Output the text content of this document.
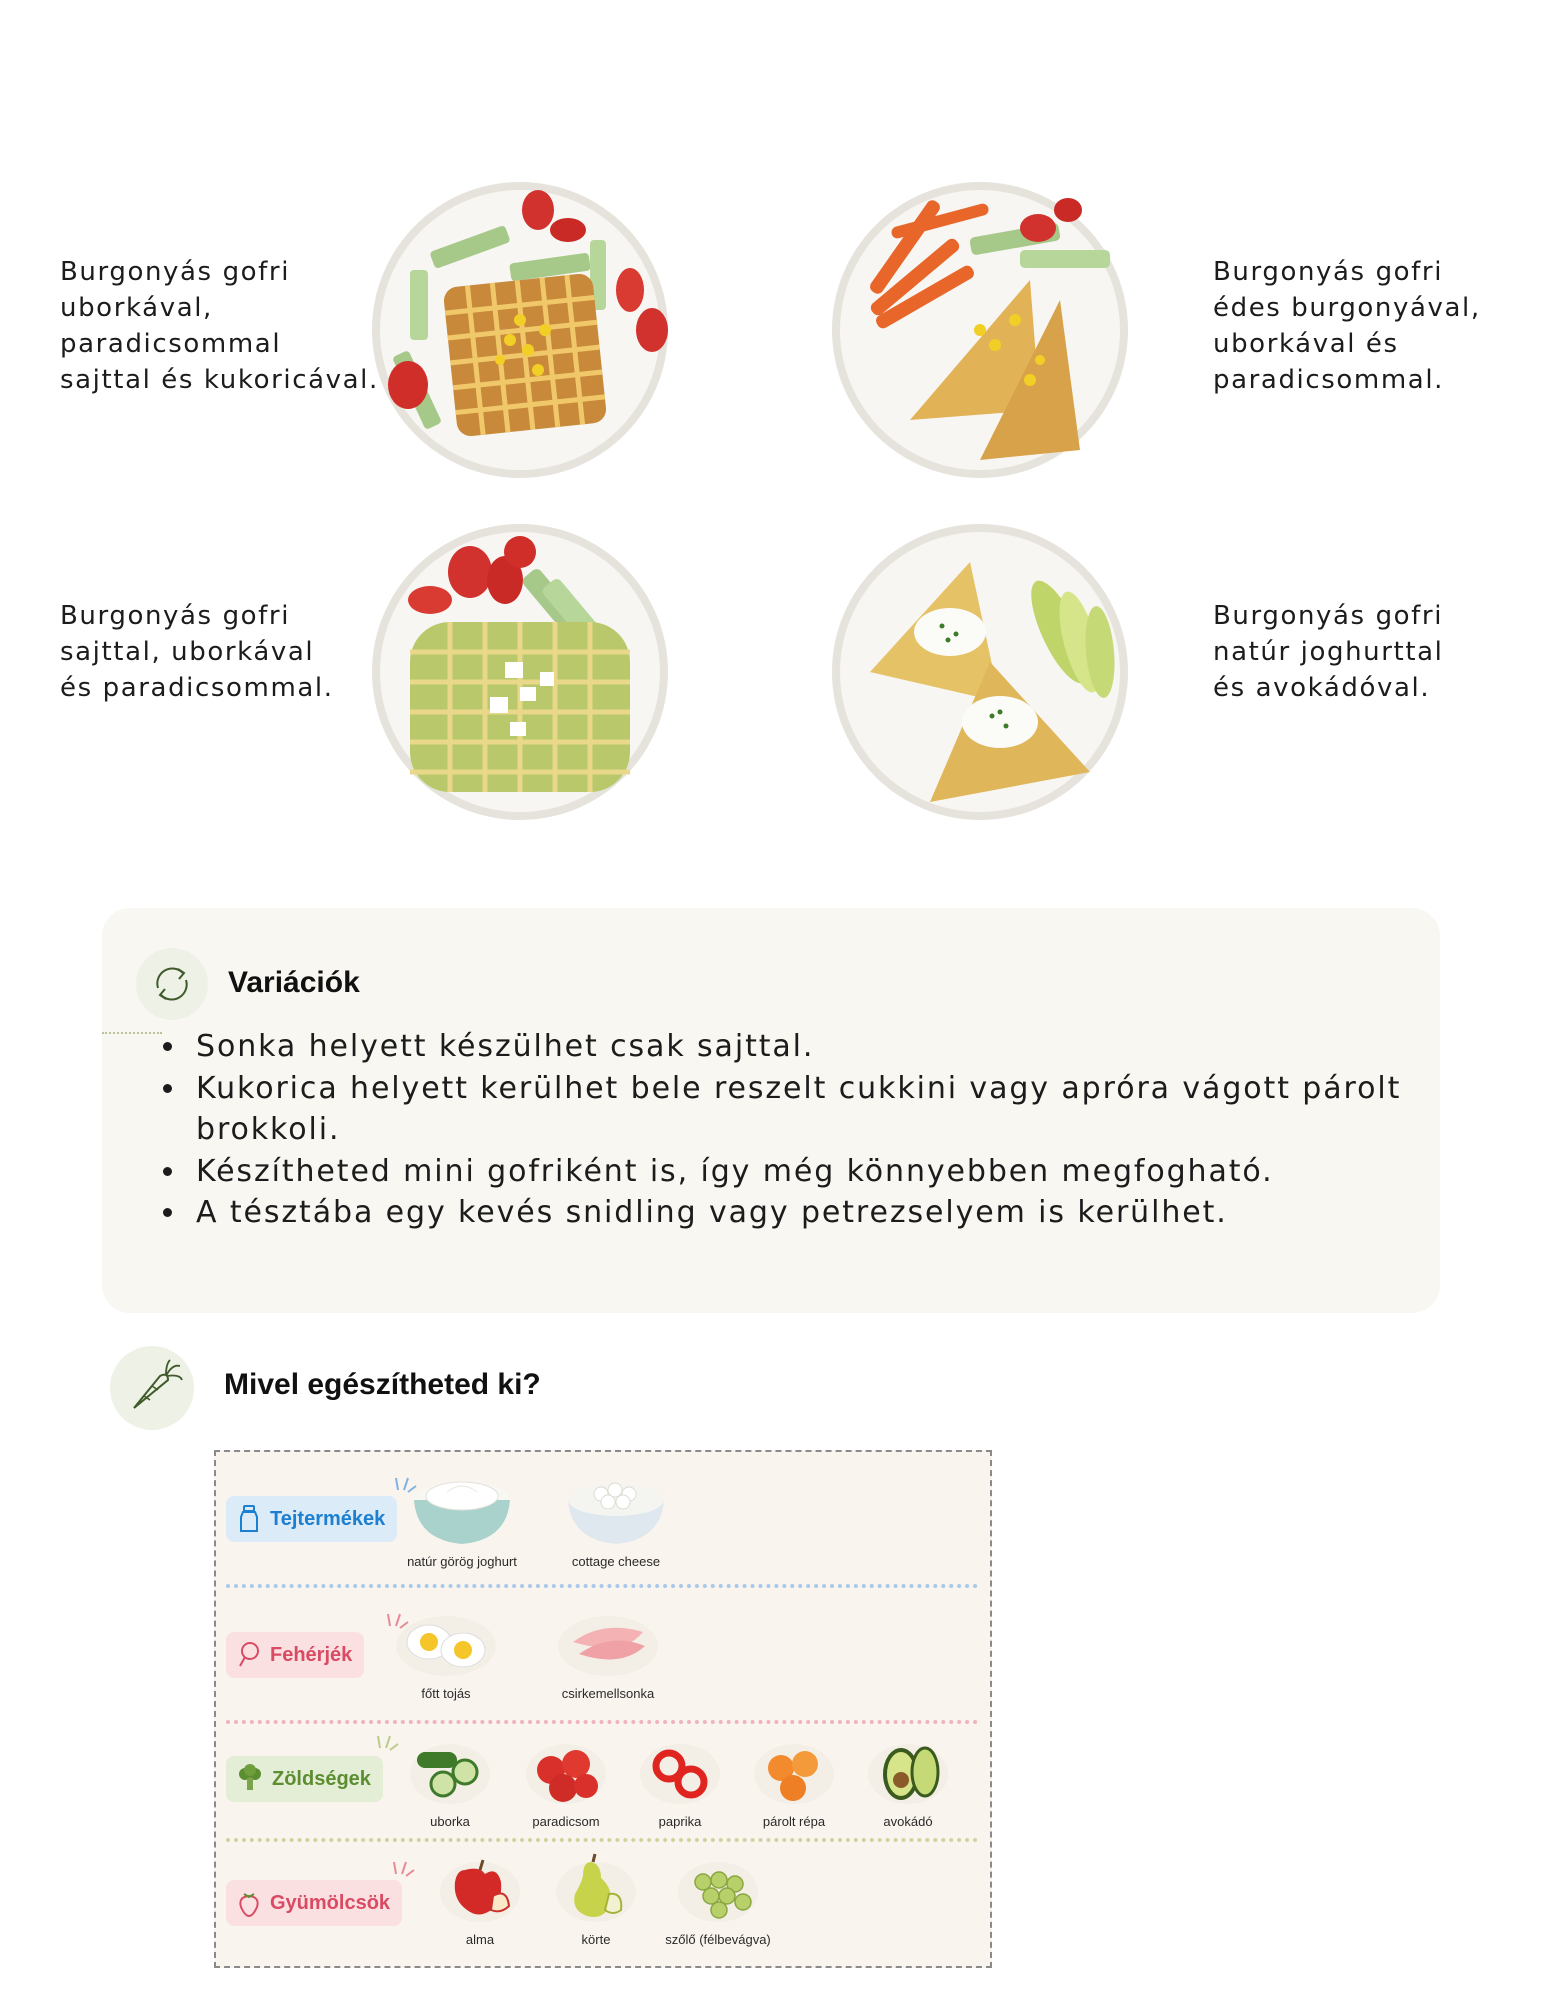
Burgonyás gofri
uborkával,
paradicsommal
sajttal és kukoricával.
Burgonyás gofri
édes burgonyával,
uborkával és
paradicsommal.
Burgonyás gofri
sajttal, uborkával
és paradicsommal.
Burgonyás gofri
natúr joghurttal
és avokádóval.
Variációk
• Sonka helyett készülhet csak sajttal.
• Kukorica helyett kerülhet bele reszelt cukkini vagy apróra vágott párolt brokkoli.
• Készítheted mini gofriként is, így még könnyebben megfogható.
• A tésztába egy kevés snidling vagy petrezselyem is kerülhet.
Mivel egészítheted ki?
Tejtermékek
natúr görög joghurt	cottage cheese
Fehérjék
főtt tojás	csirkemellsonka
Zöldségek
uborka	paradicsom	paprika	párolt répa	avokádó
Gyümölcsök
alma	körte	szőlő (félbevágva)
